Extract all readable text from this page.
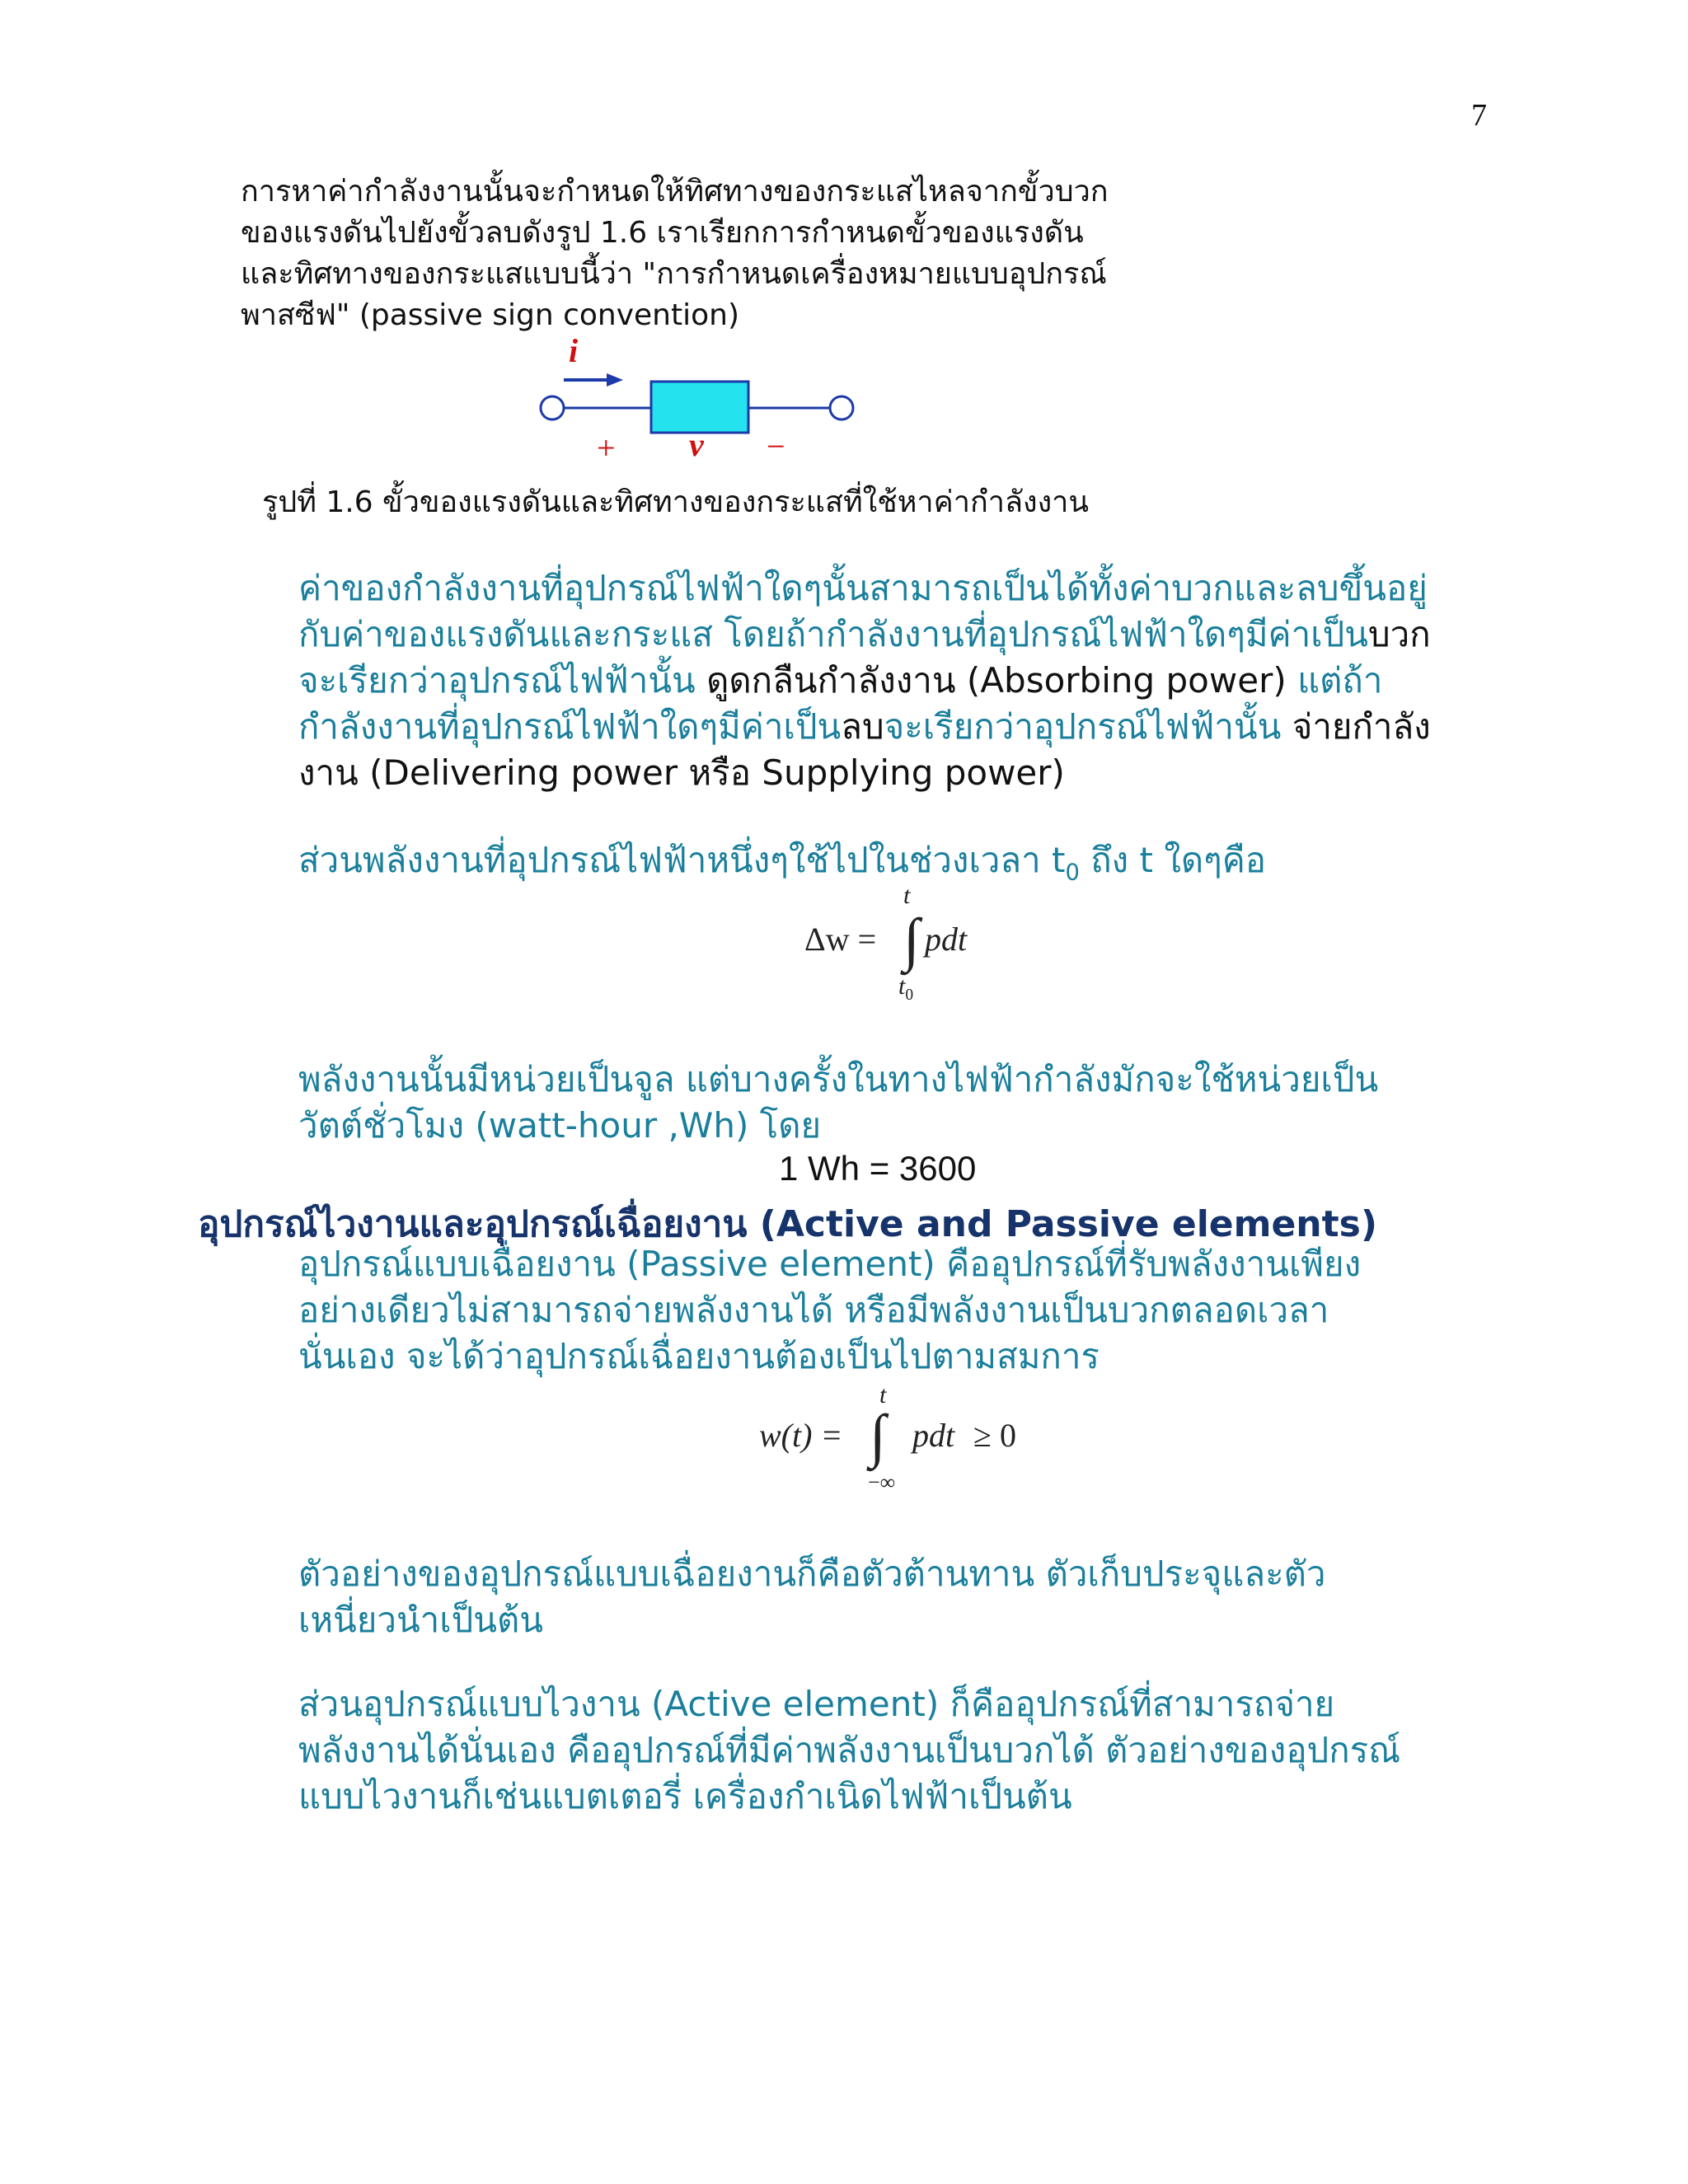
7
การหาค่ากำลังงานนั้นจะกำหนดให้ทิศทางของกระแสไหลจากขั้วบวก
ของแรงดันไปยังขั้วลบดังรูป 1.6 เราเรียกการกำหนดขั้วของแรงดัน
และทิศทางของกระแสแบบนี้ว่า "การกำหนดเครื่องหมายแบบอุปกรณ์
พาสซีฟ" (passive sign convention)
i
+ v −
รูปที่ 1.6 ขั้วของแรงดันและทิศทางของกระแสที่ใช้หาค่ากำลังงาน
ค่าของกำลังงานที่อุปกรณ์ไฟฟ้าใดๆนั้นสามารถเป็นได้ทั้งค่าบวกและลบขึ้นอยู่
กับค่าของแรงดันและกระแส โดยถ้ากำลังงานที่อุปกรณ์ไฟฟ้าใดๆมีค่าเป็นบวก
จะเรียกว่าอุปกรณ์ไฟฟ้านั้น ดูดกลืนกำลังงาน (Absorbing power) แต่ถ้า
กำลังงานที่อุปกรณ์ไฟฟ้าใดๆมีค่าเป็นลบจะเรียกว่าอุปกรณ์ไฟฟ้านั้น จ่ายกำลัง
งาน (Delivering power หรือ Supplying power)
ส่วนพลังงานที่อุปกรณ์ไฟฟ้าหนึ่งๆใช้ไปในช่วงเวลา $t_0$ ถึง t ใดๆคือ
Δw = ∫
t
$t_0$
pdt
พลังงานนั้นมีหน่วยเป็นจูล แต่บางครั้งในทางไฟฟ้ากำลังมักจะใช้หน่วยเป็น
วัตต์ชั่วโมง (watt-hour ,Wh) โดย
1 Wh = 3600
อุปกรณ์ไวงานและอุปกรณ์เฉื่อยงาน (Active and Passive elements)
อุปกรณ์แบบเฉื่อยงาน (Passive element) คืออุปกรณ์ที่รับพลังงานเพียง
อย่างเดียวไม่สามารถจ่ายพลังงานได้ หรือมีพลังงานเป็นบวกตลอดเวลา
นั่นเอง จะได้ว่าอุปกรณ์เฉื่อยงานต้องเป็นไปตามสมการ
w(t) = ∫
t
−∞
pdt ≥ 0
ตัวอย่างของอุปกรณ์แบบเฉื่อยงานก็คือตัวต้านทาน ตัวเก็บประจุและตัว
เหนี่ยวนำเป็นต้น
ส่วนอุปกรณ์แบบไวงาน (Active element) ก็คืออุปกรณ์ที่สามารถจ่าย
พลังงานได้นั่นเอง คืออุปกรณ์ที่มีค่าพลังงานเป็นบวกได้ ตัวอย่างของอุปกรณ์
แบบไวงานก็เช่นแบตเตอรี่ เครื่องกำเนิดไฟฟ้าเป็นต้น
